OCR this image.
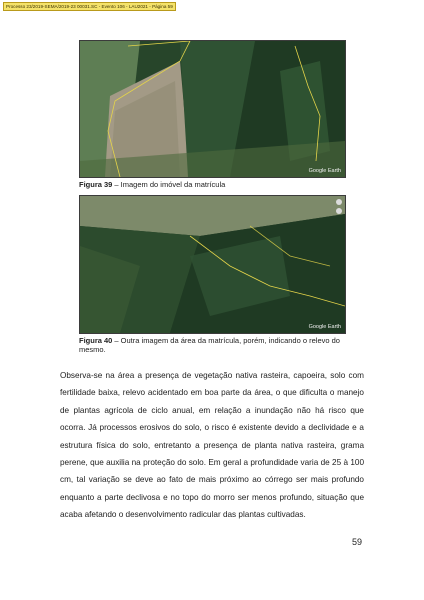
Processo 23/2019-SEMA/2019-23 00031.SC - Evento 106 - LAU2021 - Página 59
Google Earth
Figura 39 – Imagem do imóvel da matrícula
Google Earth
Figura 40 – Outra imagem da área da matrícula, porém, indicando o relevo do mesmo.

Observa-se na área a presença de vegetação nativa rasteira, capoeira, solo com fertilidade baixa, relevo acidentado em boa parte da área, o que dificulta o manejo de plantas agrícola de ciclo anual, em relação a inundação não há risco que ocorra. Já processos erosivos do solo, o risco é existente devido a declividade e a estrutura física do solo, entretanto a presença de planta nativa rasteira, grama perene, que auxilia na proteção do solo. Em geral a profundidade varia de 25 à 100 cm, tal variação se deve ao fato de mais próximo ao córrego ser mais profundo enquanto a parte declivosa e no topo do morro ser menos profundo, situação que acaba afetando o desenvolvimento radicular das plantas cultivadas.

59
